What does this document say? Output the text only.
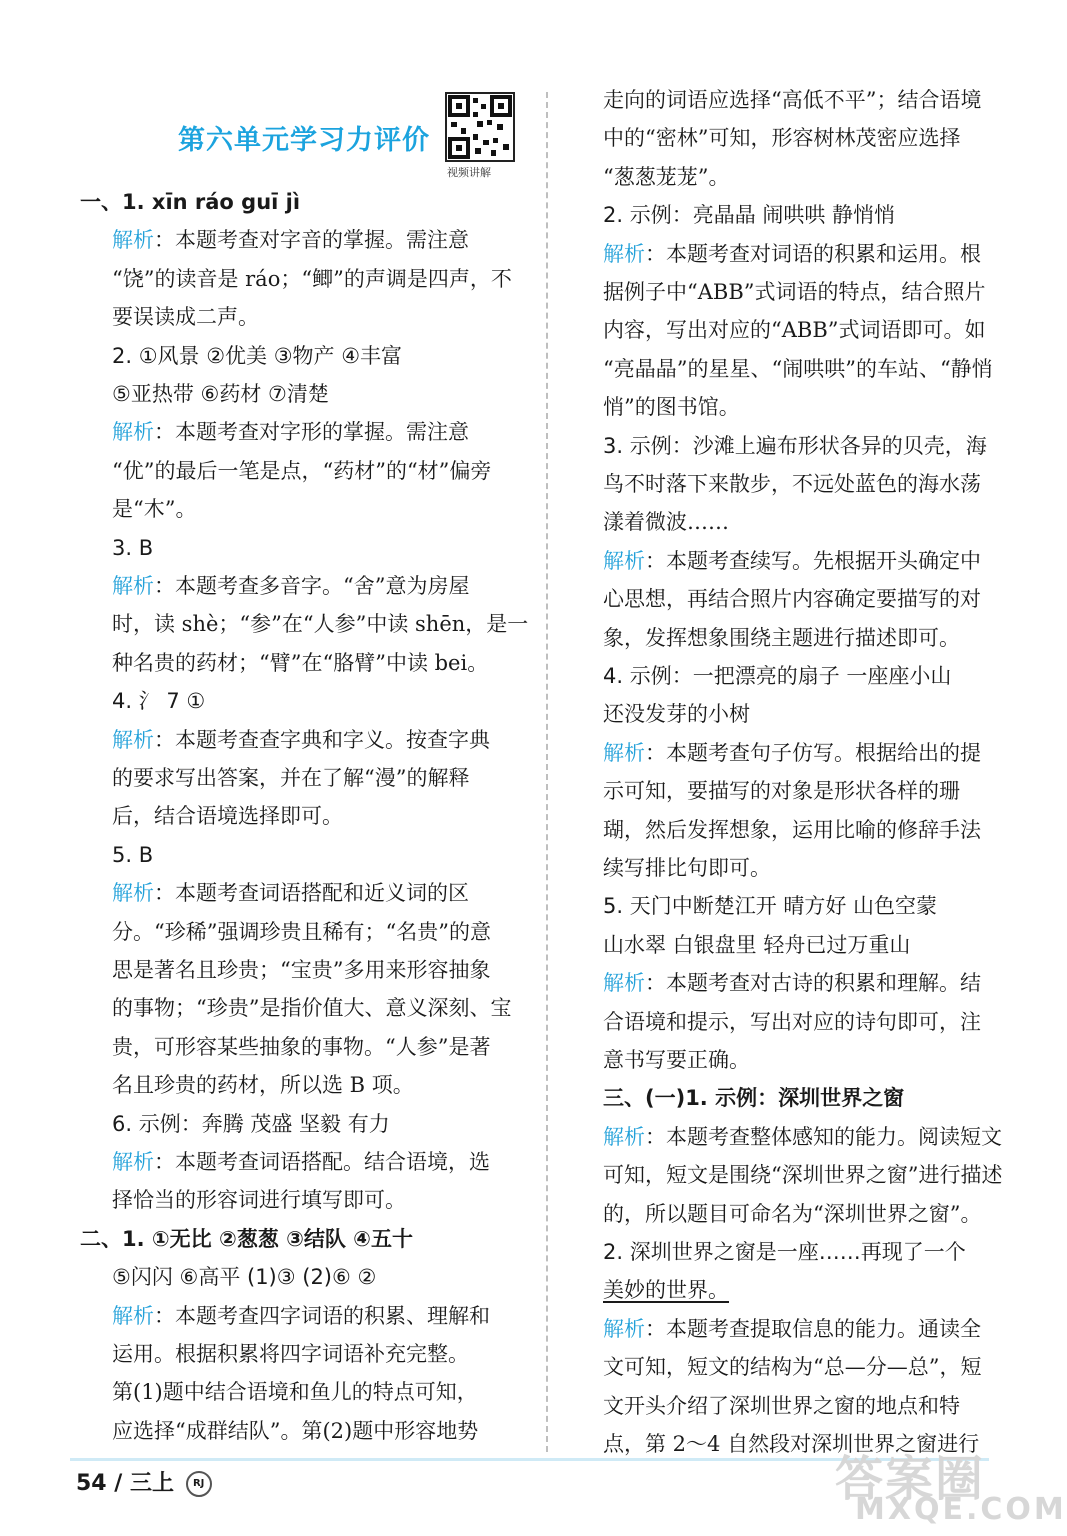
第六单元学习力评价
视频讲解
一、1. xīn ráo guī jì
解析：本题考查对字音的掌握。需注意
“饶”的读音是 ráo；“鲫”的声调是四声，不
要误读成二声。
2. ①风景 ②优美 ③物产 ④丰富
⑤亚热带 ⑥药材 ⑦清楚
解析：本题考查对字形的掌握。需注意
“优”的最后一笔是点，“药材”的“材”偏旁
是“木”。
3. B
解析：本题考查多音字。“舍”意为房屋
时，读 shè；“参”在“人参”中读 shēn，是一
种名贵的药材；“臂”在“胳臂”中读 bei。
4. 氵 7 ①
解析：本题考查查字典和字义。按查字典
的要求写出答案，并在了解“漫”的解释
后，结合语境选择即可。
5. B
解析：本题考查词语搭配和近义词的区
分。“珍稀”强调珍贵且稀有；“名贵”的意
思是著名且珍贵；“宝贵”多用来形容抽象
的事物；“珍贵”是指价值大、意义深刻、宝
贵，可形容某些抽象的事物。“人参”是著
名且珍贵的药材，所以选 B 项。
6. 示例：奔腾 茂盛 坚毅 有力
解析：本题考查词语搭配。结合语境，选
择恰当的形容词进行填写即可。
二、1. ①无比 ②葱葱 ③结队 ④五十
⑤闪闪 ⑥高平 (1)③ (2)⑥ ②
解析：本题考查四字词语的积累、理解和
运用。根据积累将四字词语补充完整。
第(1)题中结合语境和鱼儿的特点可知，
应选择“成群结队”。第(2)题中形容地势
走向的词语应选择“高低不平”；结合语境
中的“密林”可知，形容树林茂密应选择
“葱葱茏茏”。
2. 示例：亮晶晶 闹哄哄 静悄悄
解析：本题考查对词语的积累和运用。根
据例子中“ABB”式词语的特点，结合照片
内容，写出对应的“ABB”式词语即可。如
“亮晶晶”的星星、“闹哄哄”的车站、“静悄
悄”的图书馆。
3. 示例：沙滩上遍布形状各异的贝壳，海
鸟不时落下来散步，不远处蓝色的海水荡
漾着微波……
解析：本题考查续写。先根据开头确定中
心思想，再结合照片内容确定要描写的对
象，发挥想象围绕主题进行描述即可。
4. 示例：一把漂亮的扇子 一座座小山
还没发芽的小树
解析：本题考查句子仿写。根据给出的提
示可知，要描写的对象是形状各样的珊
瑚，然后发挥想象，运用比喻的修辞手法
续写排比句即可。
5. 天门中断楚江开 晴方好 山色空蒙
山水翠 白银盘里 轻舟已过万重山
解析：本题考查对古诗的积累和理解。结
合语境和提示，写出对应的诗句即可，注
意书写要正确。
三、(一)1. 示例：深圳世界之窗
解析：本题考查整体感知的能力。阅读短文
可知，短文是围绕“深圳世界之窗”进行描述
的，所以题目可命名为“深圳世界之窗”。
2. 深圳世界之窗是一座……再现了一个
美妙的世界。
解析：本题考查提取信息的能力。通读全
文可知，短文的结构为“总—分—总”，短
文开头介绍了深圳世界之窗的地点和特
点，第 2～4 自然段对深圳世界之窗进行
54 / 三上 RJ	答案圈
MXQE.COM
